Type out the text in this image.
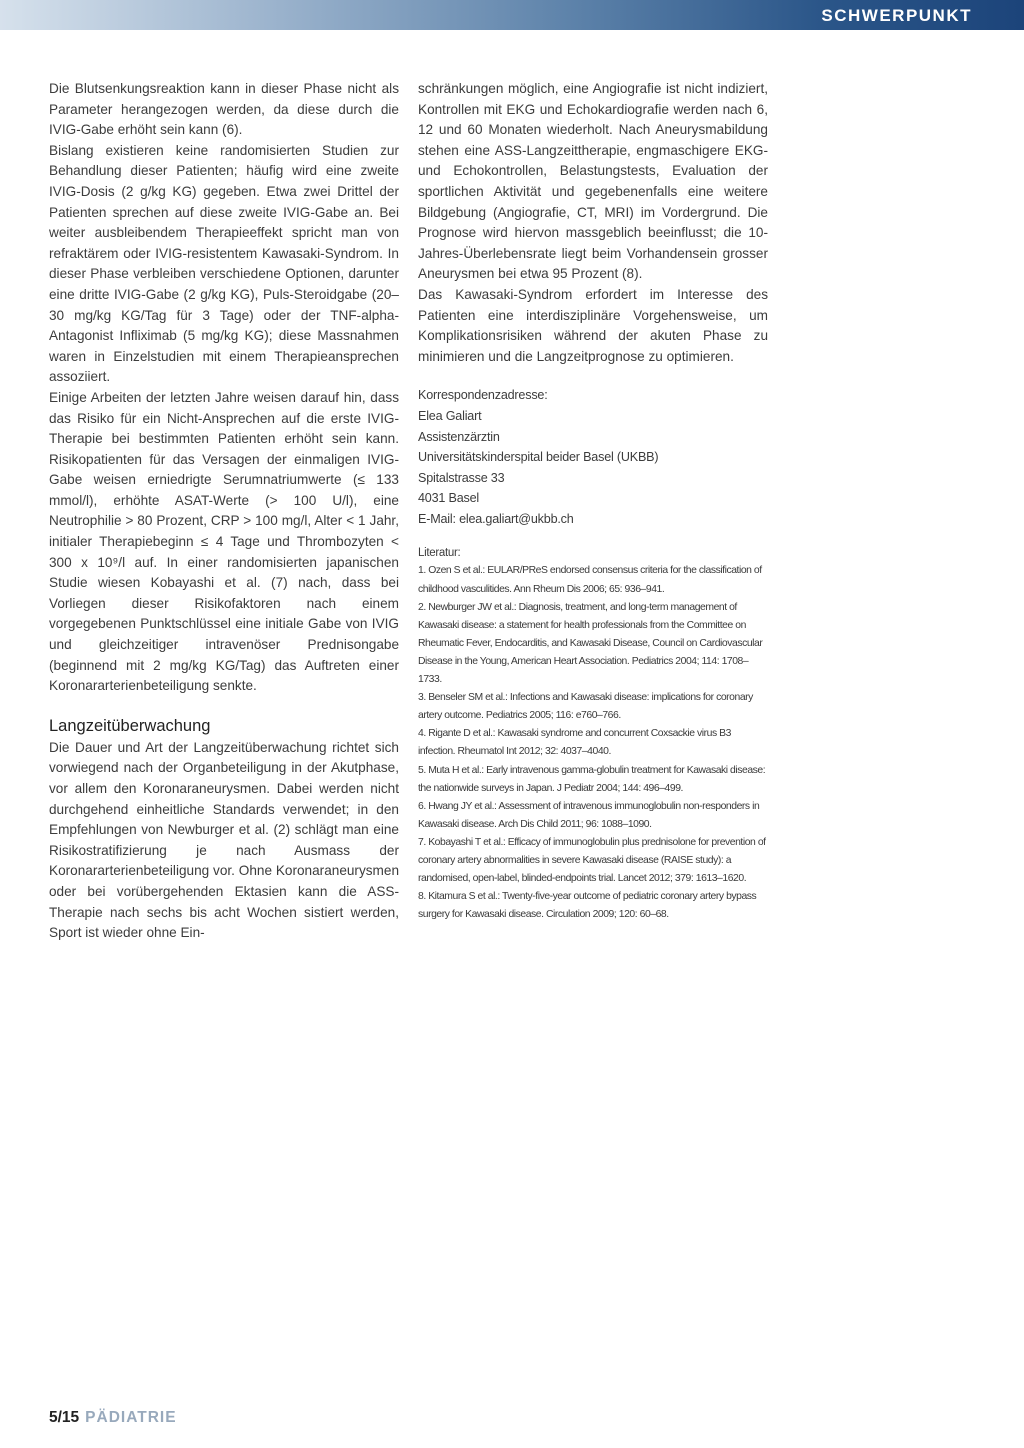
SCHWERPUNKT

Die Blutsenkungsreaktion kann in dieser Phase nicht als Parameter herangezogen werden, da diese durch die IVIG-Gabe erhöht sein kann (6).

Bislang existieren keine randomisierten Studien zur Behandlung dieser Patienten; häufig wird eine zweite IVIG-Dosis (2 g/kg KG) gegeben. Etwa zwei Drittel der Patienten sprechen auf diese zweite IVIG-Gabe an. Bei weiter ausbleibendem Therapieeffekt spricht man von refraktärem oder IVIG-resistentem Kawasaki-Syndrom. In dieser Phase verbleiben verschiedene Optionen, darunter eine dritte IVIG-Gabe (2 g/kg KG), Puls-Steroidgabe (20–30 mg/kg KG/Tag für 3 Tage) oder der TNF-alpha-Antagonist Infliximab (5 mg/kg KG); diese Massnahmen waren in Einzelstudien mit einem Therapieansprechen assoziiert.

Einige Arbeiten der letzten Jahre weisen darauf hin, dass das Risiko für ein Nicht-Ansprechen auf die erste IVIG-Therapie bei bestimmten Patienten erhöht sein kann. Risikopatienten für das Versagen der einmaligen IVIG-Gabe weisen erniedrigte Serumnatriumwerte (≤ 133 mmol/l), erhöhte ASAT-Werte (> 100 U/l), eine Neutrophilie > 80 Prozent, CRP > 100 mg/l, Alter < 1 Jahr, initialer Therapiebeginn ≤ 4 Tage und Thrombozyten < 300 x 10⁹/l auf. In einer randomisierten japanischen Studie wiesen Kobayashi et al. (7) nach, dass bei Vorliegen dieser Risikofaktoren nach einem vorgegebenen Punktschlüssel eine initiale Gabe von IVIG und gleichzeitiger intravenöser Prednisongabe (beginnend mit 2 mg/kg KG/Tag) das Auftreten einer Koronararterienbeteiligung senkte.

Langzeitüberwachung

Die Dauer und Art der Langzeitüberwachung richtet sich vorwiegend nach der Organbeteiligung in der Akutphase, vor allem den Koronaraneurysmen. Dabei werden nicht durchgehend einheitliche Standards verwendet; in den Empfehlungen von Newburger et al. (2) schlägt man eine Risikostratifizierung je nach Ausmass der Koronararterienbeteiligung vor. Ohne Koronaraneurysmen oder bei vorübergehenden Ektasien kann die ASS-Therapie nach sechs bis acht Wochen sistiert werden, Sport ist wieder ohne Ein-

schränkungen möglich, eine Angiografie ist nicht indiziert, Kontrollen mit EKG und Echokardiografie werden nach 6, 12 und 60 Monaten wiederholt. Nach Aneurysmabildung stehen eine ASS-Langzeittherapie, engmaschigere EKG- und Echokontrollen, Belastungstests, Evaluation der sportlichen Aktivität und gegebenenfalls eine weitere Bildgebung (Angiografie, CT, MRI) im Vordergrund. Die Prognose wird hiervon massgeblich beeinflusst; die 10-Jahres-Überlebensrate liegt beim Vorhandensein grosser Aneurysmen bei etwa 95 Prozent (8).

Das Kawasaki-Syndrom erfordert im Interesse des Patienten eine interdisziplinäre Vorgehensweise, um Komplikationsrisiken während der akuten Phase zu minimieren und die Langzeitprognose zu optimieren.

Korrespondenzadresse:
Elea Galiart
Assistenzärztin
Universitätskinderspital beider Basel (UKBB)
Spitalstrasse 33
4031 Basel
E-Mail: elea.galiart@ukbb.ch
Literatur:
1. Ozen S et al.: EULAR/PReS endorsed consensus criteria for the classification of childhood vasculitides. Ann Rheum Dis 2006; 65: 936–941.
2. Newburger JW et al.: Diagnosis, treatment, and long-term management of Kawasaki disease: a statement for health professionals from the Committee on Rheumatic Fever, Endocarditis, and Kawasaki Disease, Council on Cardiovascular Disease in the Young, American Heart Association. Pediatrics 2004; 114: 1708–1733.
3. Benseler SM et al.: Infections and Kawasaki disease: implications for coronary artery outcome. Pediatrics 2005; 116: e760–766.
4. Rigante D et al.: Kawasaki syndrome and concurrent Coxsackie virus B3 infection. Rheumatol Int 2012; 32: 4037–4040.
5. Muta H et al.: Early intravenous gamma-globulin treatment for Kawasaki disease: the nationwide surveys in Japan. J Pediatr 2004; 144: 496–499.
6. Hwang JY et al.: Assessment of intravenous immunoglobulin non-responders in Kawasaki disease. Arch Dis Child 2011; 96: 1088–1090.
7. Kobayashi T et al.: Efficacy of immunoglobulin plus prednisolone for prevention of coronary artery abnormalities in severe Kawasaki disease (RAISE study): a randomised, open-label, blinded-endpoints trial. Lancet 2012; 379: 1613–1620.
8. Kitamura S et al.: Twenty-five-year outcome of pediatric coronary artery bypass surgery for Kawasaki disease. Circulation 2009; 120: 60–68.
5/15 PÄDIATRIE
